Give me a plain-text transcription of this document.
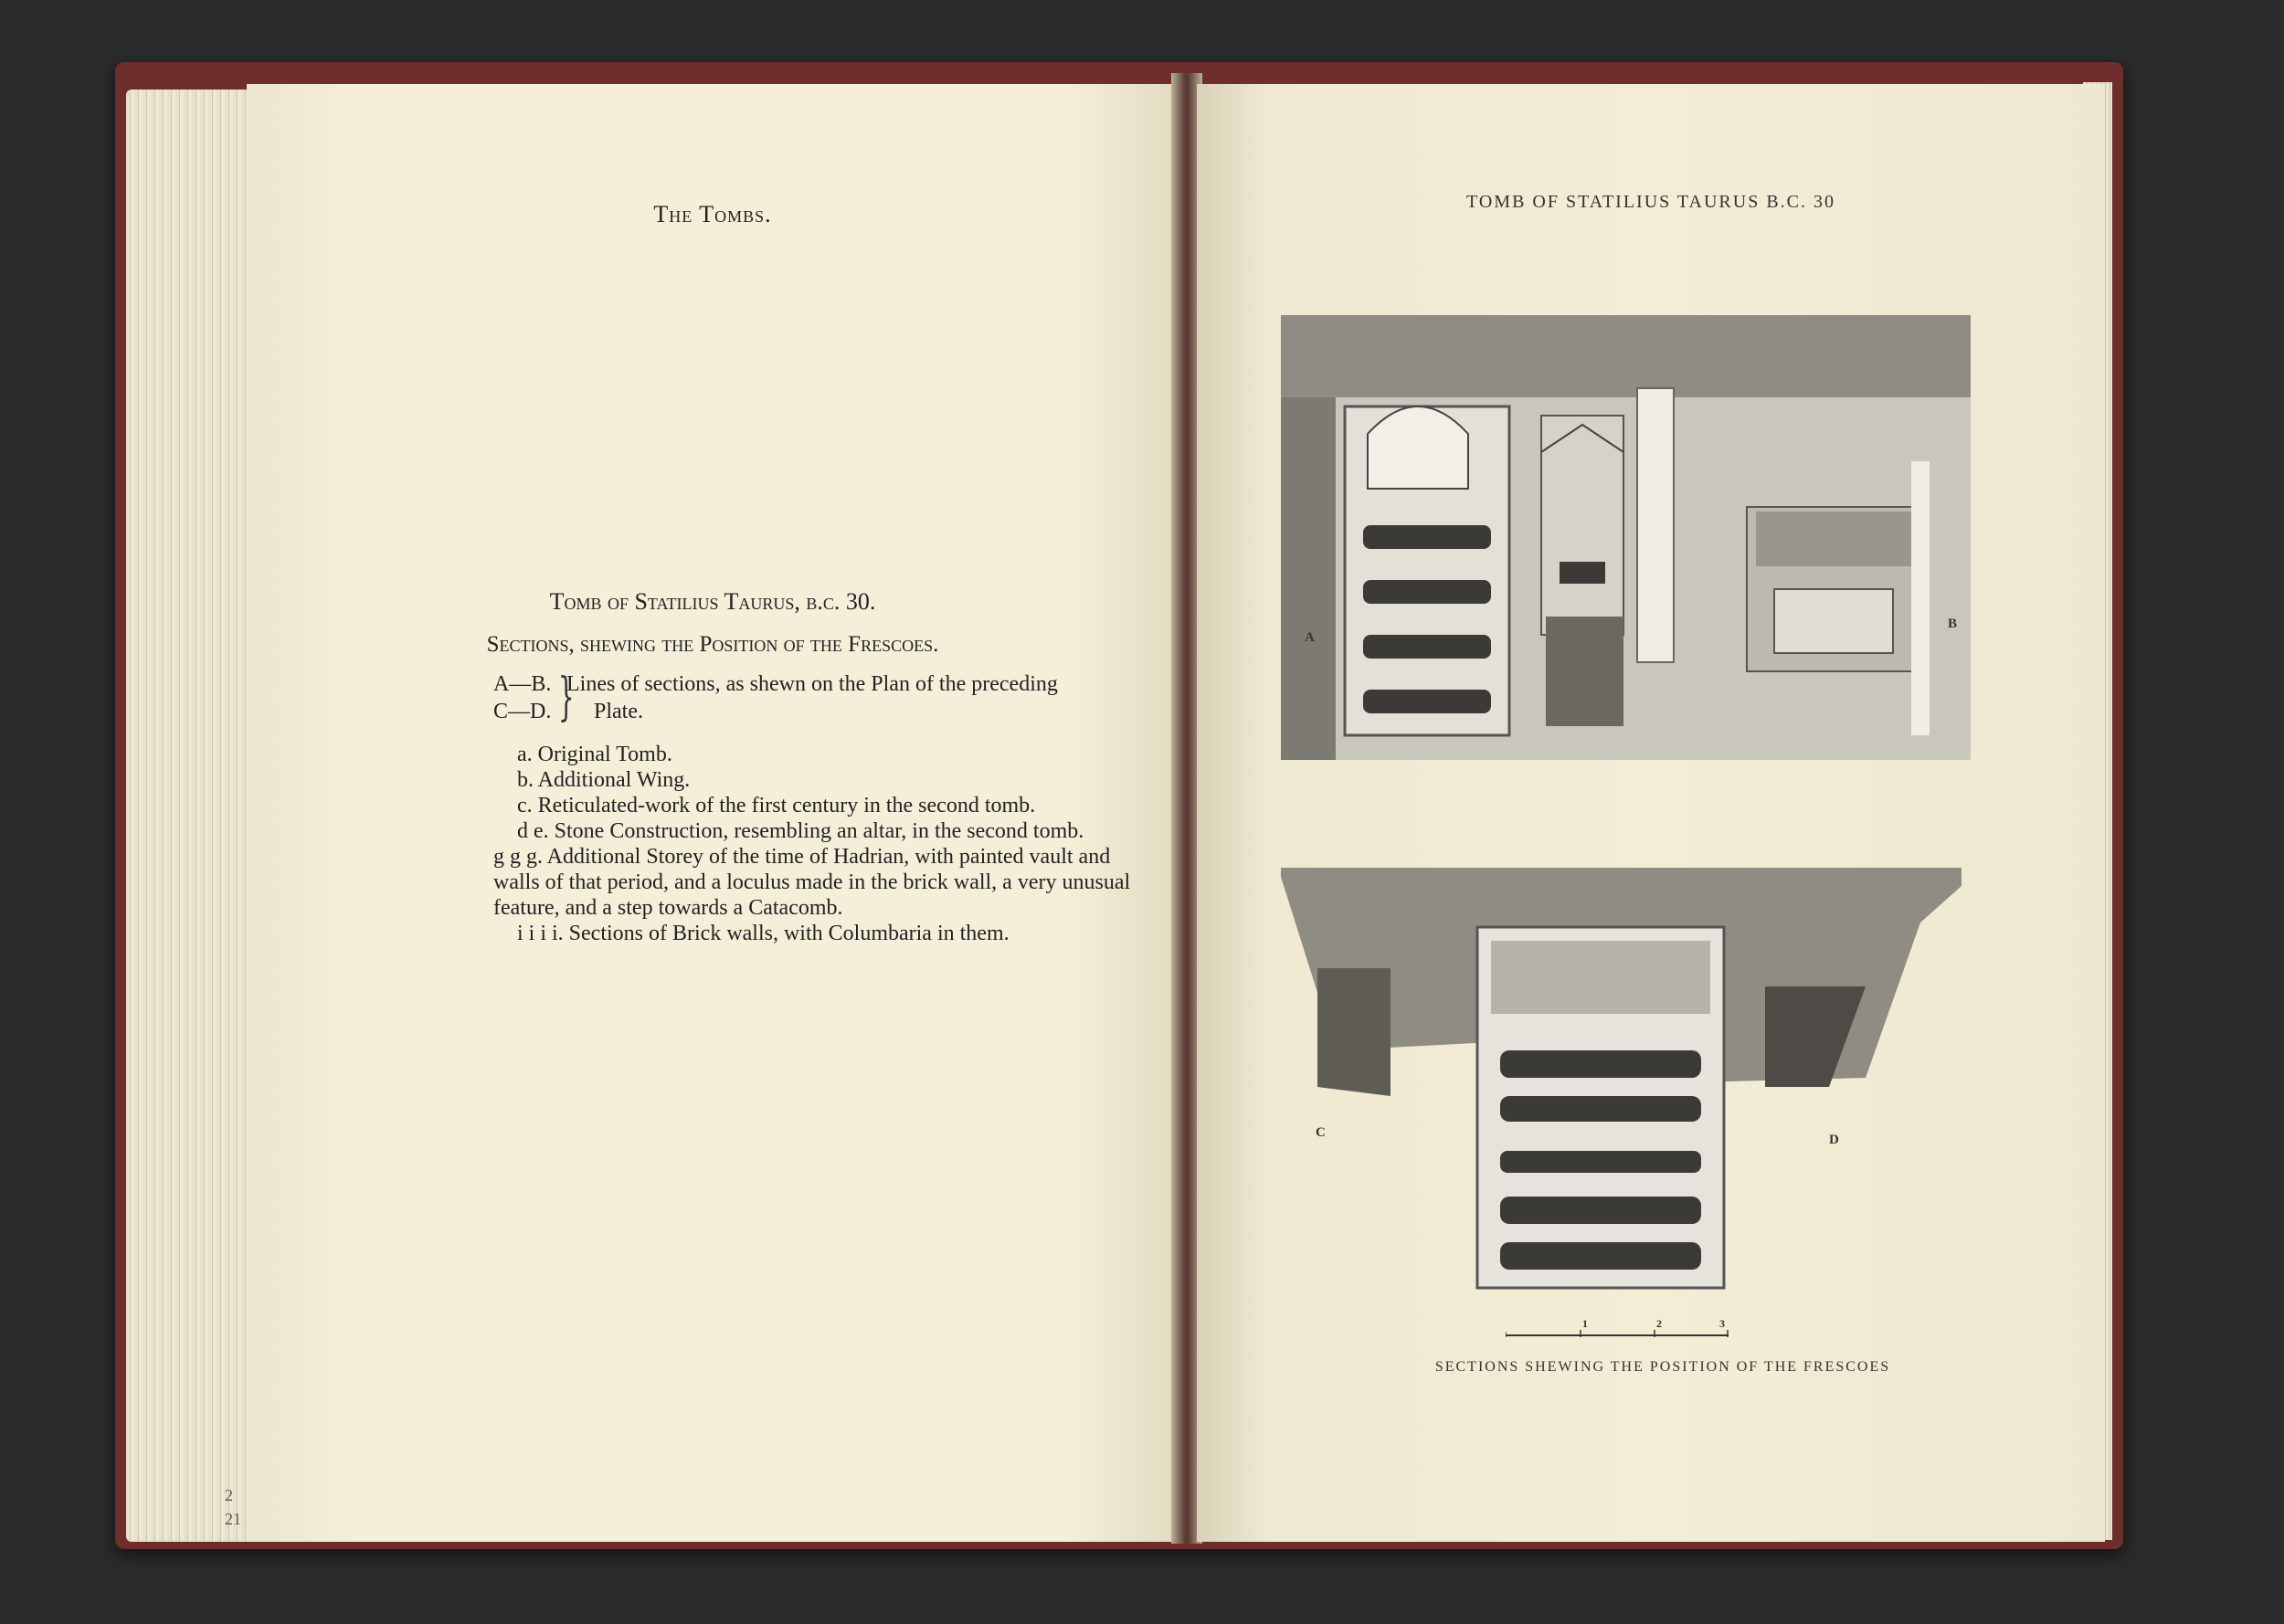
The Tombs.
Tomb of Statilius Taurus, b.c. 30.
Sections, shewing the Position of the Frescoes.
A—B.
C—D. }
Lines of sections, as shewn on the Plan of the preceding
Plate.
a. Original Tomb.
b. Additional Wing.
c. Reticulated-work of the first century in the second tomb.
d e. Stone Construction, resembling an altar, in the second tomb.
g g g. Additional Storey of the time of Hadrian, with painted vault and walls of that period, and a loculus made in the brick wall, a very unusual feature, and a step towards a Catacomb.
i i i i. Sections of Brick walls, with Columbaria in them.
2
21
TOMB OF STATILIUS TAURUS B.C. 30
A
B
C	D
1	2	3
SECTIONS SHEWING THE POSITION OF THE FRESCOES
